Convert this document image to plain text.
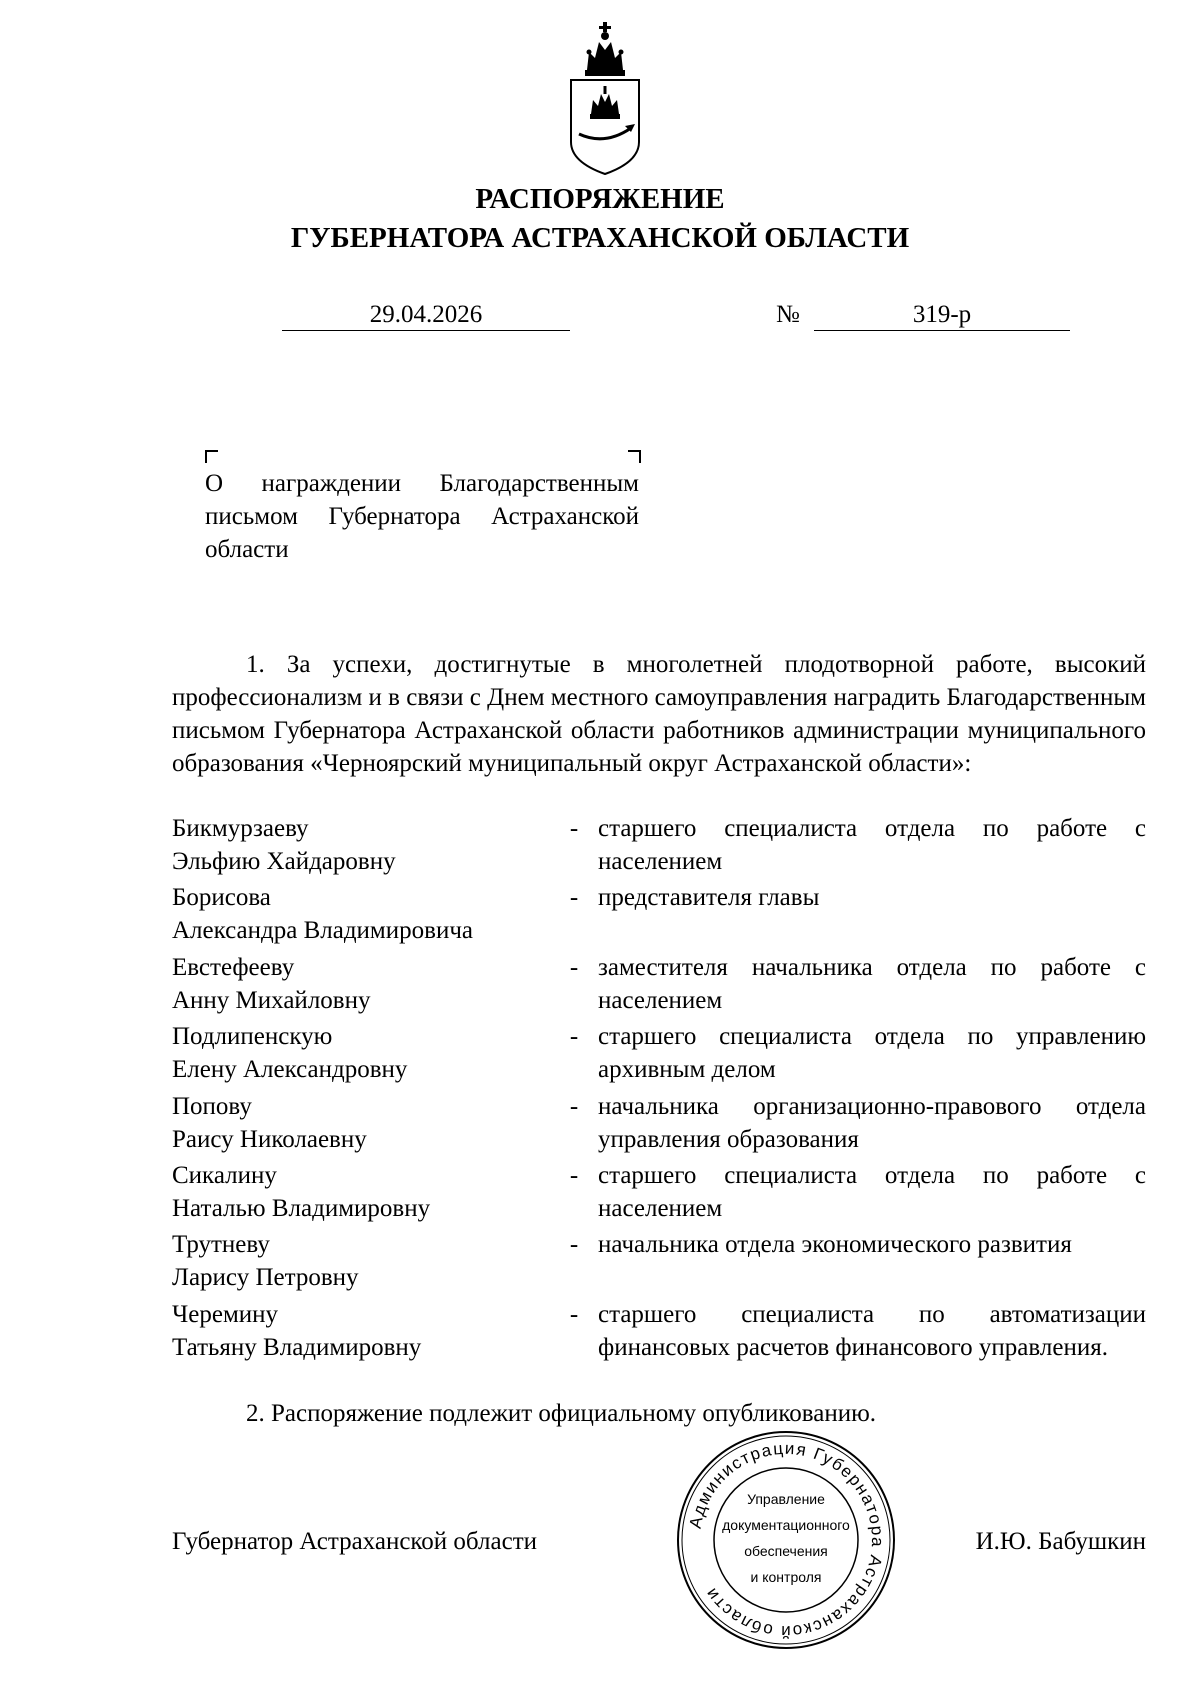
РАСПОРЯЖЕНИЕ
ГУБЕРНАТОРА АСТРАХАНСКОЙ ОБЛАСТИ
29.04.2026	№	319-р
О награждении Благодарственным письмом Губернатора Астраханской области
1. За успехи, достигнутые в многолетней плодотворной работе, высокий профессионализм и в связи с Днем местного самоуправления наградить Благодарственным письмом Губернатора Астраханской области работников администрации муниципального образования «Черноярский муниципальный округ Астраханской области»:
Бикмурзаеву
Эльфию Хайдаровну
- старшего специалиста отдела по работе с населением
Борисова
Александра Владимировича
- представителя главы
Евстефееву
Анну Михайловну
- заместителя начальника отдела по работе с населением
Подлипенскую
Елену Александровну
- старшего специалиста отдела по управлению архивным делом
Попову
Раису Николаевну
- начальника организационно-правового отдела управления образования
Сикалину
Наталью Владимировну
- старшего специалиста отдела по работе с населением
Трутневу
Ларису Петровну
- начальника отдела экономического развития
Черемину
Татьяну Владимировну
- старшего специалиста по автоматизации финансовых расчетов финансового управления.
2. Распоряжение подлежит официальному опубликованию.
Губернатор Астраханской области
Администрация Губернатора Астраханской области
Управление
документационного
обеспечения
и контроля
И.Ю. Бабушкин
